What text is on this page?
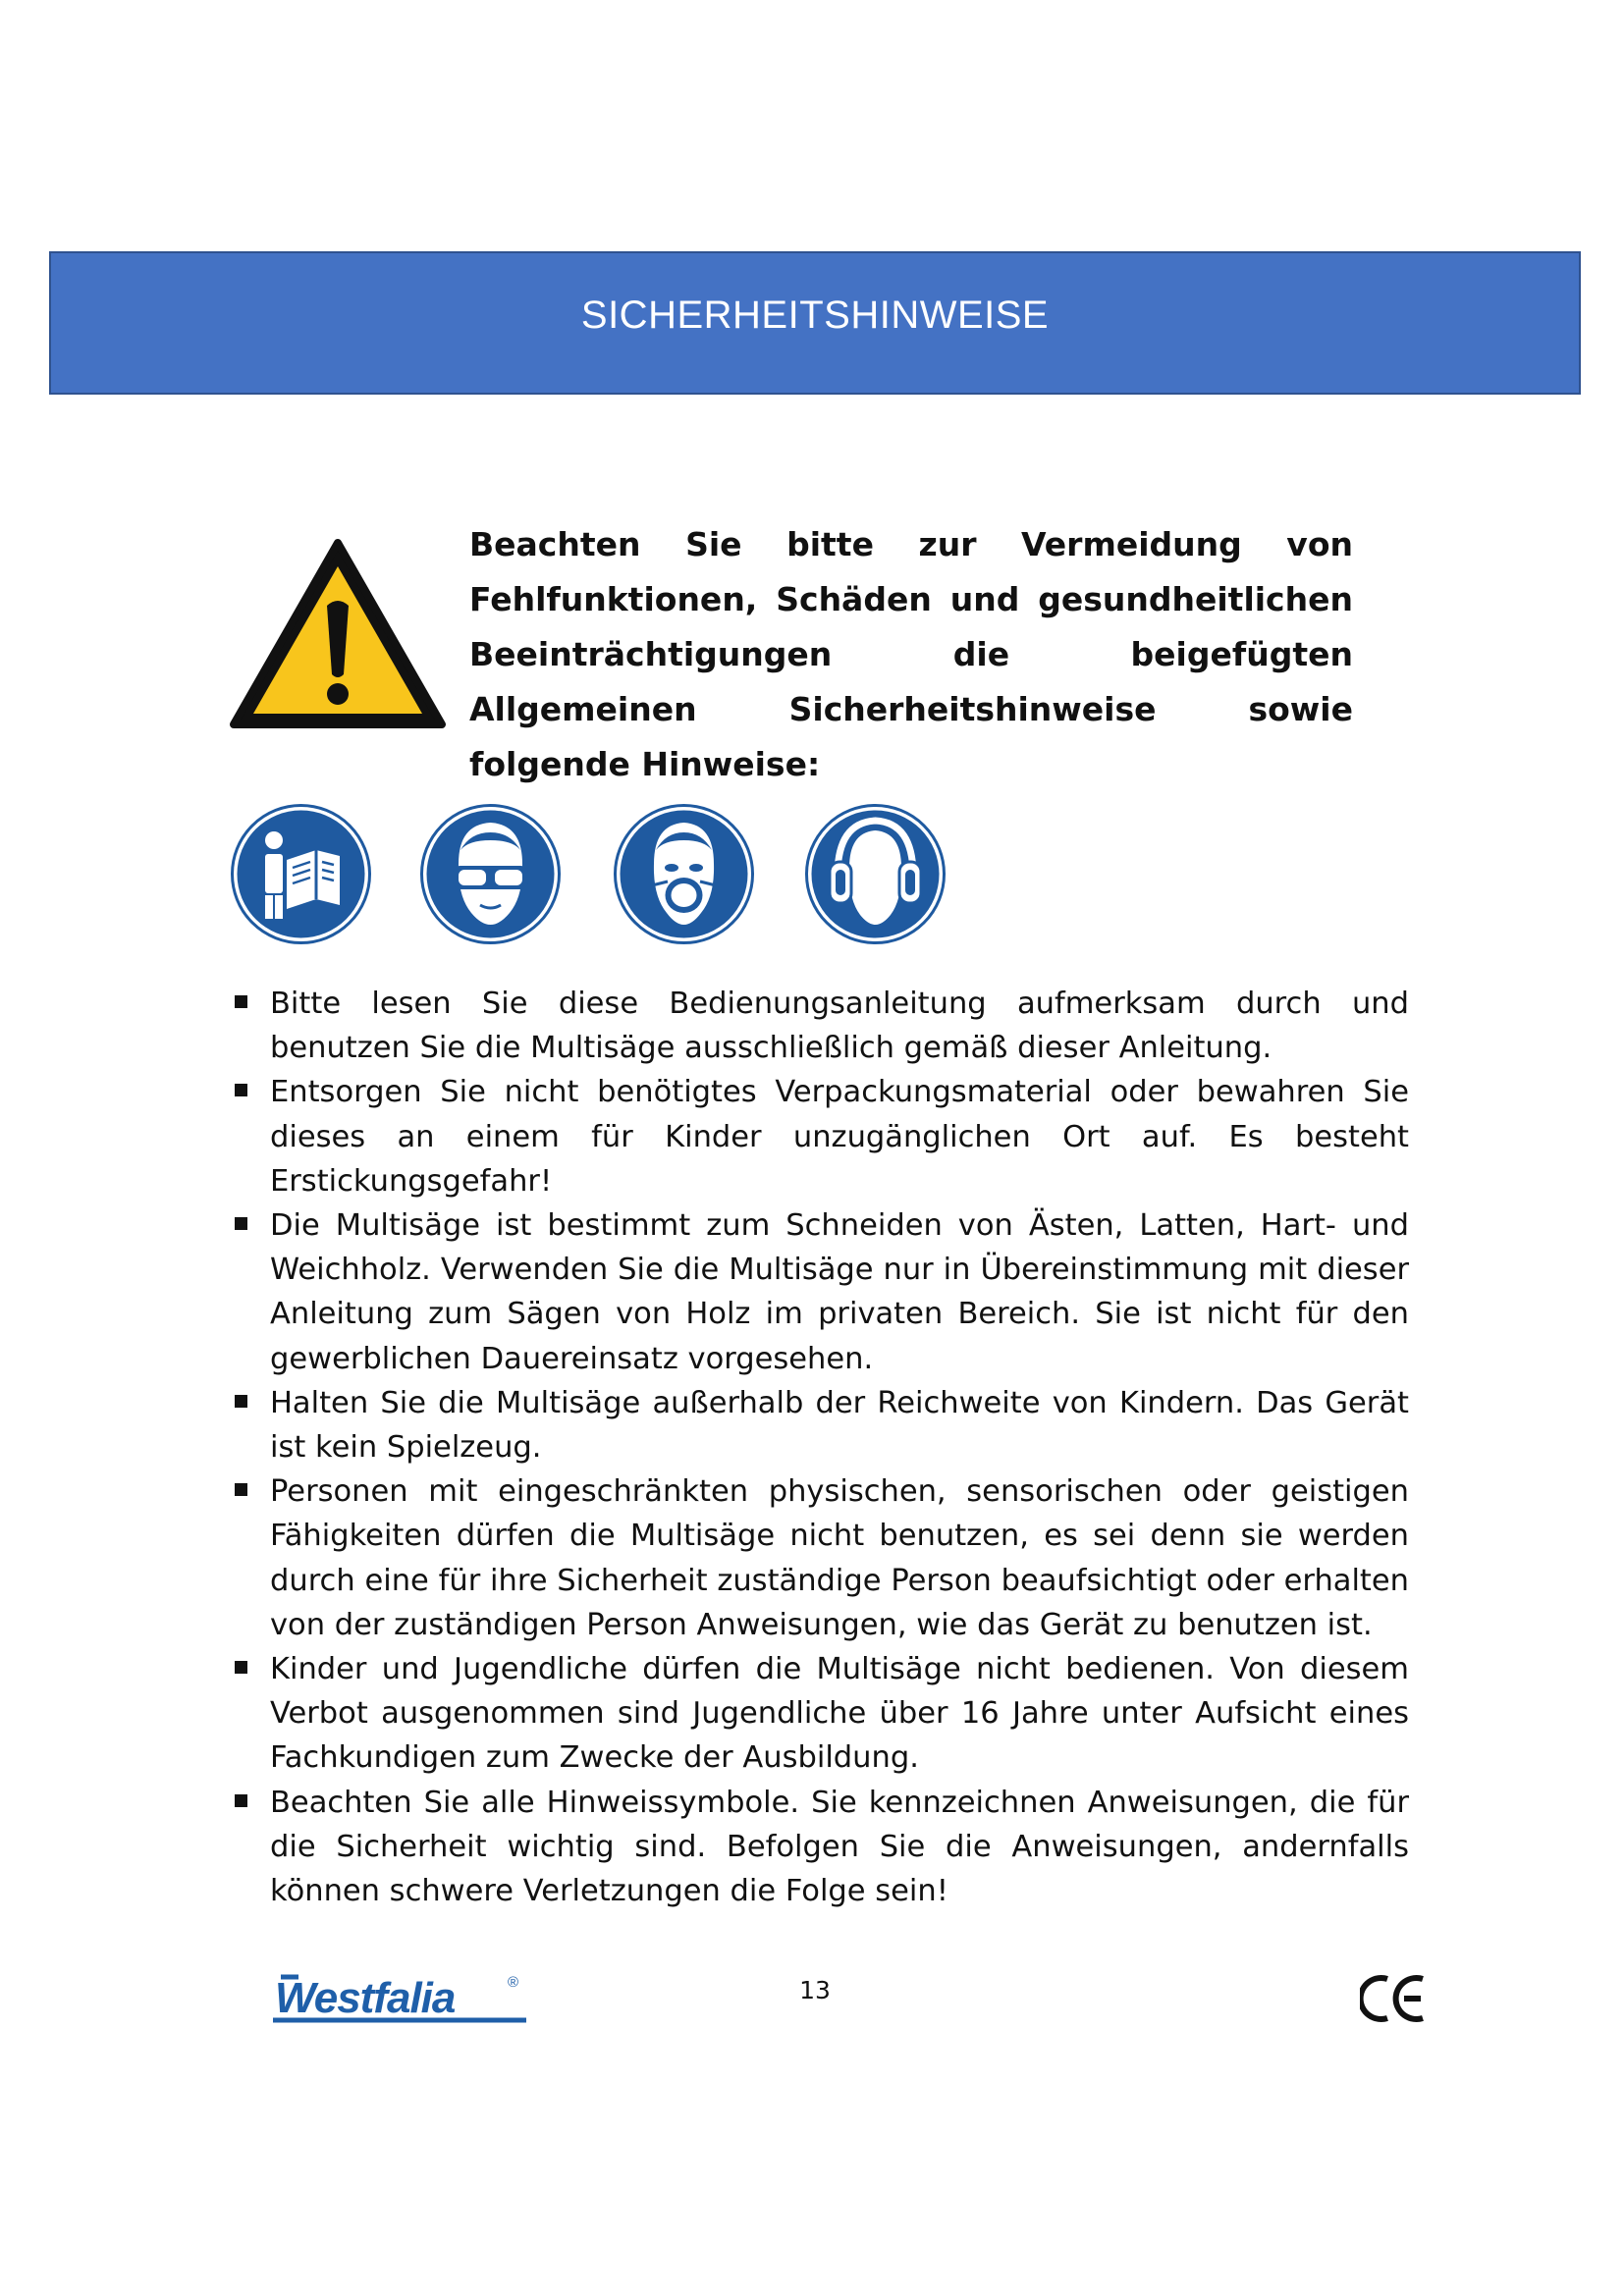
SICHERHEITSHINWEISE
Beachten Sie bitte zur Vermeidung von Fehlfunktionen, Schäden und gesundheitlichen Beeinträchtigungen die beigefügten Allgemeinen Sicherheitshinweise sowie folgende Hinweise:
Bitte lesen Sie diese Bedienungsanleitung aufmerksam durch und benutzen Sie die Multisäge ausschließlich gemäß dieser Anleitung.
Entsorgen Sie nicht benötigtes Verpackungsmaterial oder bewahren Sie dieses an einem für Kinder unzugänglichen Ort auf. Es besteht Erstickungsgefahr!
Die Multisäge ist bestimmt zum Schneiden von Ästen, Latten, Hart- und Weichholz. Verwenden Sie die Multisäge nur in Übereinstimmung mit dieser Anleitung zum Sägen von Holz im privaten Bereich. Sie ist nicht für den gewerblichen Dauereinsatz vorgesehen.
Halten Sie die Multisäge außerhalb der Reichweite von Kindern. Das Gerät ist kein Spielzeug.
Personen mit eingeschränkten physischen, sensorischen oder geistigen Fähigkeiten dürfen die Multisäge nicht benutzen, es sei denn sie werden durch eine für ihre Sicherheit zuständige Person beaufsichtigt oder erhalten von der zuständigen Person Anweisungen, wie das Gerät zu benutzen ist.
Kinder und Jugendliche dürfen die Multisäge nicht bedienen. Von diesem Verbot ausgenommen sind Jugendliche über 16 Jahre unter Aufsicht eines Fachkundigen zum Zwecke der Ausbildung.
Beachten Sie alle Hinweissymbole. Sie kennzeichnen Anweisungen, die für die Sicherheit wichtig sind. Befolgen Sie die Anweisungen, andernfalls können schwere Verletzungen die Folge sein!
Westfalia	®	13
